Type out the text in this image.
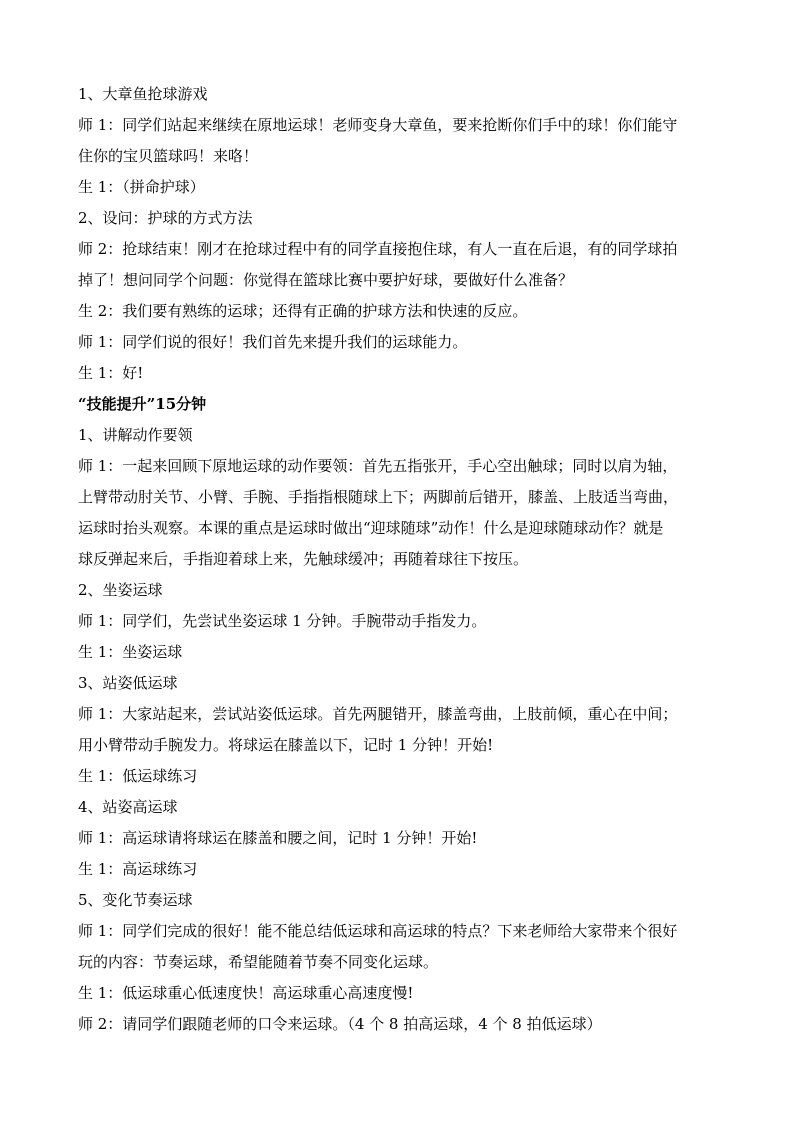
1、大章鱼抢球游戏

师 1：同学们站起来继续在原地运球！老师变身大章鱼，要来抢断你们手中的球！你们能守
住你的宝贝篮球吗！来咯！

生 1：（拼命护球）

2、设问：护球的方式方法

师 2：抢球结束！刚才在抢球过程中有的同学直接抱住球，有人一直在后退，有的同学球拍
掉了！想问同学个问题：你觉得在篮球比赛中要护好球，要做好什么准备？

生 2：我们要有熟练的运球；还得有正确的护球方法和快速的反应。

师 1：同学们说的很好！我们首先来提升我们的运球能力。

生 1：好!

“技能提升”15分钟

1、讲解动作要领

师 1：一起来回顾下原地运球的动作要领：首先五指张开，手心空出触球；同时以肩为轴，
上臂带动肘关节、小臂、手腕、手指指根随球上下；两脚前后错开，膝盖、上肢适当弯曲，
运球时抬头观察。本课的重点是运球时做出“迎球随球”动作！什么是迎球随球动作？就是
球反弹起来后，手指迎着球上来，先触球缓冲；再随着球往下按压。

2、坐姿运球

师 1：同学们，先尝试坐姿运球 1 分钟。手腕带动手指发力。

生 1：坐姿运球

3、站姿低运球

师 1：大家站起来，尝试站姿低运球。首先两腿错开，膝盖弯曲，上肢前倾，重心在中间；
用小臂带动手腕发力。将球运在膝盖以下，记时 1 分钟！开始!

生 1：低运球练习

4、站姿高运球

师 1：高运球请将球运在膝盖和腰之间，记时 1 分钟！开始!

生 1：高运球练习

5、变化节奏运球

师 1：同学们完成的很好！能不能总结低运球和高运球的特点？下来老师给大家带来个很好
玩的内容：节奏运球，希望能随着节奏不同变化运球。

生 1：低运球重心低速度快！高运球重心高速度慢!

师 2：请同学们跟随老师的口令来运球。（4 个 8 拍高运球，4 个 8 拍低运球）
